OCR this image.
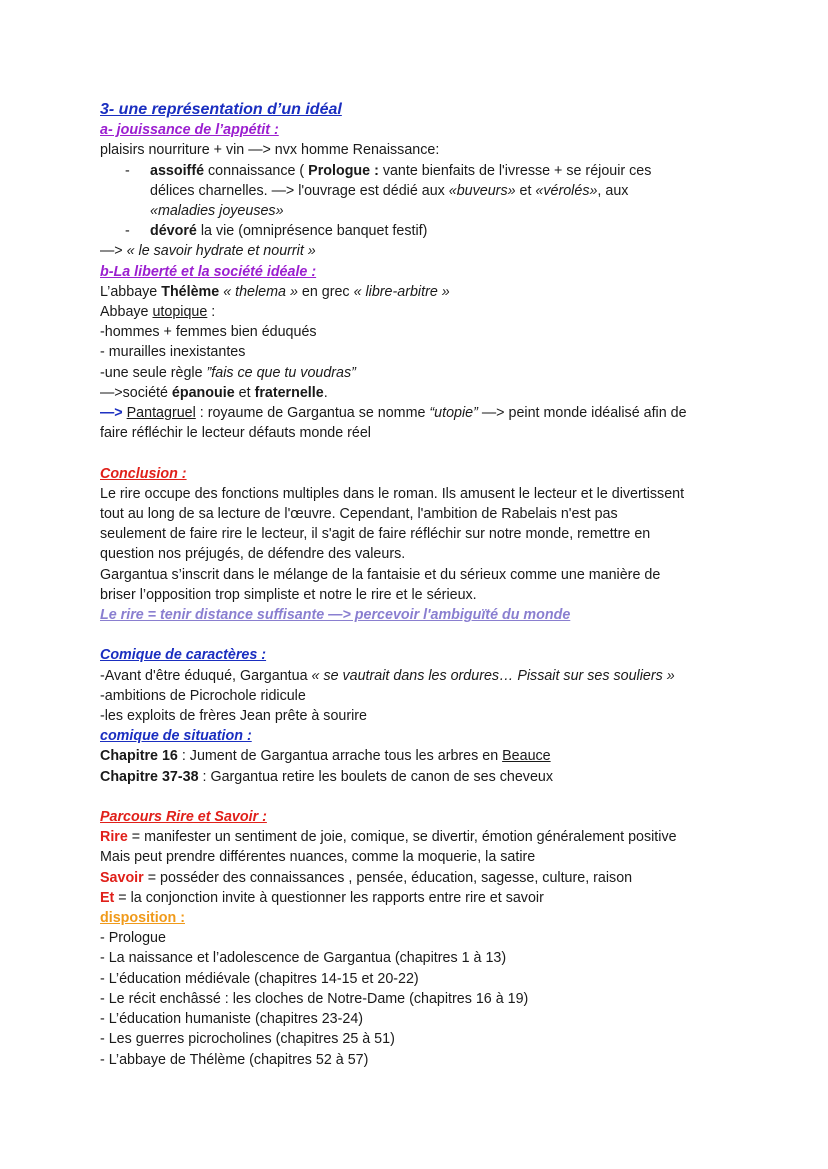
3- une représentation d’un idéal
a- jouissance de l’appétit :
plaisirs nourriture + vin —> nvx homme Renaissance:
- assoiffé connaissance ( Prologue : vante bienfaits de l'ivresse + se réjouir ces
délices charnelles. —> l'ouvrage est dédié aux «buveurs» et «vérolés», aux
«maladies joyeuses»
- dévoré la vie (omniprésence banquet festif)
—> « le savoir hydrate et nourrit »
b-La liberté et la société idéale :
L’abbaye Thélème « thelema » en grec « libre-arbitre »
Abbaye utopique :
-hommes + femmes bien éduqués
- murailles inexistantes
-une seule règle ”fais ce que tu voudras”
—>société épanouie et fraternelle.
—> Pantagruel : royaume de Gargantua se nomme “utopie” —> peint monde idéalisé afin de
faire réfléchir le lecteur défauts monde réel
Conclusion :
Le rire occupe des fonctions multiples dans le roman. Ils amusent le lecteur et le divertissent
tout au long de sa lecture de l'œuvre. Cependant, l'ambition de Rabelais n'est pas
seulement de faire rire le lecteur, il s'agit de faire réfléchir sur notre monde, remettre en
question nos préjugés, de défendre des valeurs.
Gargantua s’inscrit dans le mélange de la fantaisie et du sérieux comme une manière de
briser l’opposition trop simpliste et notre le rire et le sérieux.
Le rire = tenir distance suffisante —> percevoir l'ambiguïté du monde
Comique de caractères :
-Avant d'être éduqué, Gargantua « se vautrait dans les ordures… Pissait sur ses souliers »
-ambitions de Picrochole ridicule
-les exploits de frères Jean prête à sourire
comique de situation :
Chapitre 16 : Jument de Gargantua arrache tous les arbres en Beauce
Chapitre 37-38 : Gargantua retire les boulets de canon de ses cheveux
Parcours Rire et Savoir :
Rire = manifester un sentiment de joie, comique, se divertir, émotion généralement positive
Mais peut prendre différentes nuances, comme la moquerie, la satire
Savoir = posséder des connaissances , pensée, éducation, sagesse, culture, raison
Et = la conjonction invite à questionner les rapports entre rire et savoir
disposition :
- Prologue
- La naissance et l’adolescence de Gargantua (chapitres 1 à 13)
- L’éducation médiévale (chapitres 14-15 et 20-22)
- Le récit enchâssé : les cloches de Notre-Dame (chapitres 16 à 19)
- L’éducation humaniste (chapitres 23-24)
- Les guerres picrocholines (chapitres 25 à 51)
- L’abbaye de Thélème (chapitres 52 à 57)
